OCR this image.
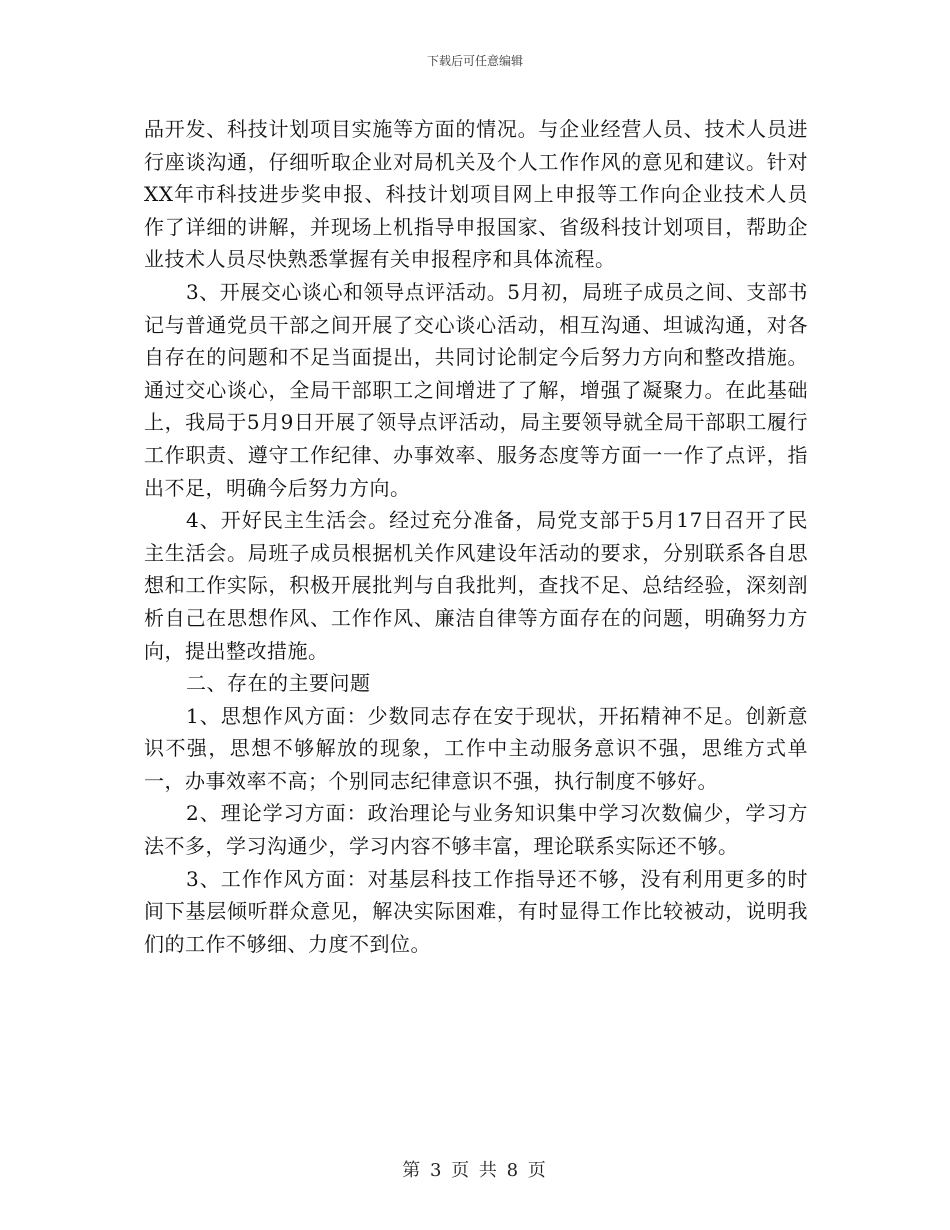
下载后可任意编辑

品开发、科技计划项目实施等方面的情况。与企业经营人员、技术人员进行座谈沟通，仔细听取企业对局机关及个人工作作风的意见和建议。针对XX年市科技进步奖申报、科技计划项目网上申报等工作向企业技术人员作了详细的讲解，并现场上机指导申报国家、省级科技计划项目，帮助企业技术人员尽快熟悉掌握有关申报程序和具体流程。

3、开展交心谈心和领导点评活动。5月初，局班子成员之间、支部书记与普通党员干部之间开展了交心谈心活动，相互沟通、坦诚沟通，对各自存在的问题和不足当面提出，共同讨论制定今后努力方向和整改措施。通过交心谈心，全局干部职工之间增进了了解，增强了凝聚力。在此基础上，我局于5月9日开展了领导点评活动，局主要领导就全局干部职工履行工作职责、遵守工作纪律、办事效率、服务态度等方面一一作了点评，指出不足，明确今后努力方向。

4、开好民主生活会。经过充分准备，局党支部于5月17日召开了民主生活会。局班子成员根据机关作风建设年活动的要求，分别联系各自思想和工作实际，积极开展批判与自我批判，查找不足、总结经验，深刻剖析自己在思想作风、工作作风、廉洁自律等方面存在的问题，明确努力方向，提出整改措施。

二、存在的主要问题

1、思想作风方面：少数同志存在安于现状，开拓精神不足。创新意识不强，思想不够解放的现象，工作中主动服务意识不强，思维方式单一，办事效率不高；个别同志纪律意识不强，执行制度不够好。

2、理论学习方面：政治理论与业务知识集中学习次数偏少，学习方法不多，学习沟通少，学习内容不够丰富，理论联系实际还不够。

3、工作作风方面：对基层科技工作指导还不够，没有利用更多的时间下基层倾听群众意见，解决实际困难，有时显得工作比较被动，说明我们的工作不够细、力度不到位。

第 3 页 共 8 页
